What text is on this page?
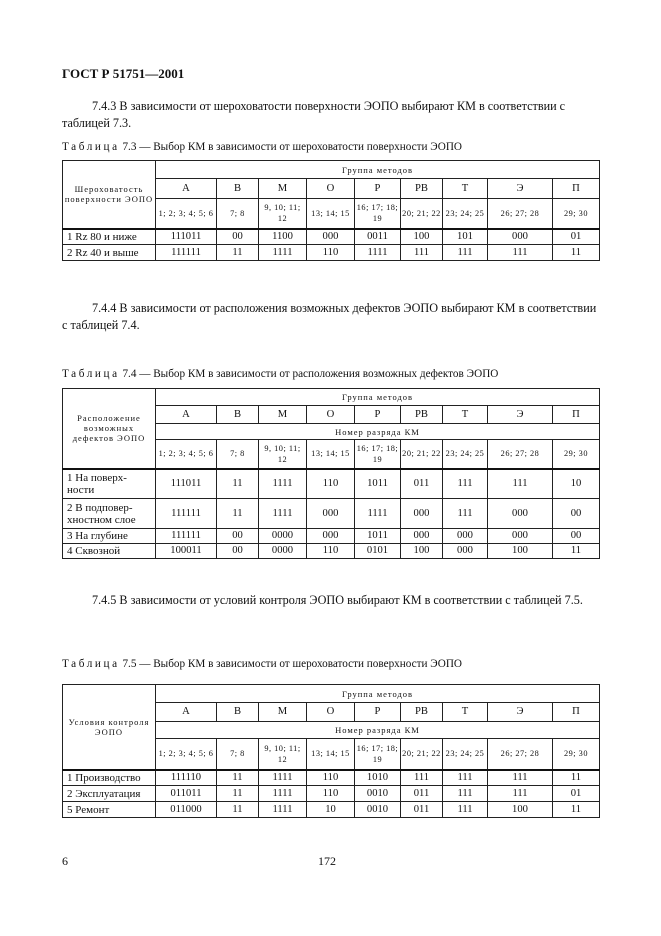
ГОСТ Р 51751—2001
7.4.3 В зависимости от шероховатости поверхности ЭОПО выбирают КМ в соответствии с таблицей 7.3.
Таблица 7.3 — Выбор КМ в зависимости от шероховатости поверхности ЭОПО
Шероховатость поверхности ЭОПО	Группа методов								
	А	В	М	О	Р	РВ	Т	Э	П
	1; 2; 3; 4; 5; 6	7; 8	9, 10; 11; 12	13; 14; 15	16; 17; 18; 19	20; 21; 22	23; 24; 25	26; 27; 28	29; 30
1 Rz 80 и ниже	111011	00	1100	000	0011	100	101	000	01
2 Rz 40 и выше	111111	11	1111	110	1111	111	111	111	11
7.4.4 В зависимости от расположения возможных дефектов ЭОПО выбирают КМ в соответствии с таблицей 7.4.
Таблица 7.4 — Выбор КМ в зависимости от расположения возможных дефектов ЭОПО
Расположение возможных дефектов ЭОПО	Группа методов								
	А	В	М	О	Р	РВ	Т	Э	П
	Номер разряда КМ								
	1; 2; 3; 4; 5; 6	7; 8	9, 10; 11; 12	13; 14; 15	16; 17; 18; 19	20; 21; 22	23; 24; 25	26; 27; 28	29; 30
1 На поверх-ности	111011	11	1111	110	1011	011	111	111	10
2 В подповер-хностном слое	111111	11	1111	000	1111	000	111	000	00
3 На глубине	111111	00	0000	000	1011	000	000	000	00
4 Сквозной	100011	00	0000	110	0101	100	000	100	11
7.4.5 В зависимости от условий контроля ЭОПО выбирают КМ в соответствии с таблицей 7.5.
Таблица 7.5 — Выбор КМ в зависимости от шероховатости поверхности ЭОПО
Условия контроля ЭОПО	Группа методов								
	А	В	М	О	Р	РВ	Т	Э	П
	Номер разряда КМ								
	1; 2; 3; 4; 5; 6	7; 8	9, 10; 11; 12	13; 14; 15	16; 17; 18; 19	20; 21; 22	23; 24; 25	26; 27; 28	29; 30
1 Производство	111110	11	1111	110	1010	111	111	111	11
2 Эксплуатация	011011	11	1111	110	0010	011	111	111	01
5 Ремонт	011000	11	1111	10	0010	011	111	100	11
6	172
